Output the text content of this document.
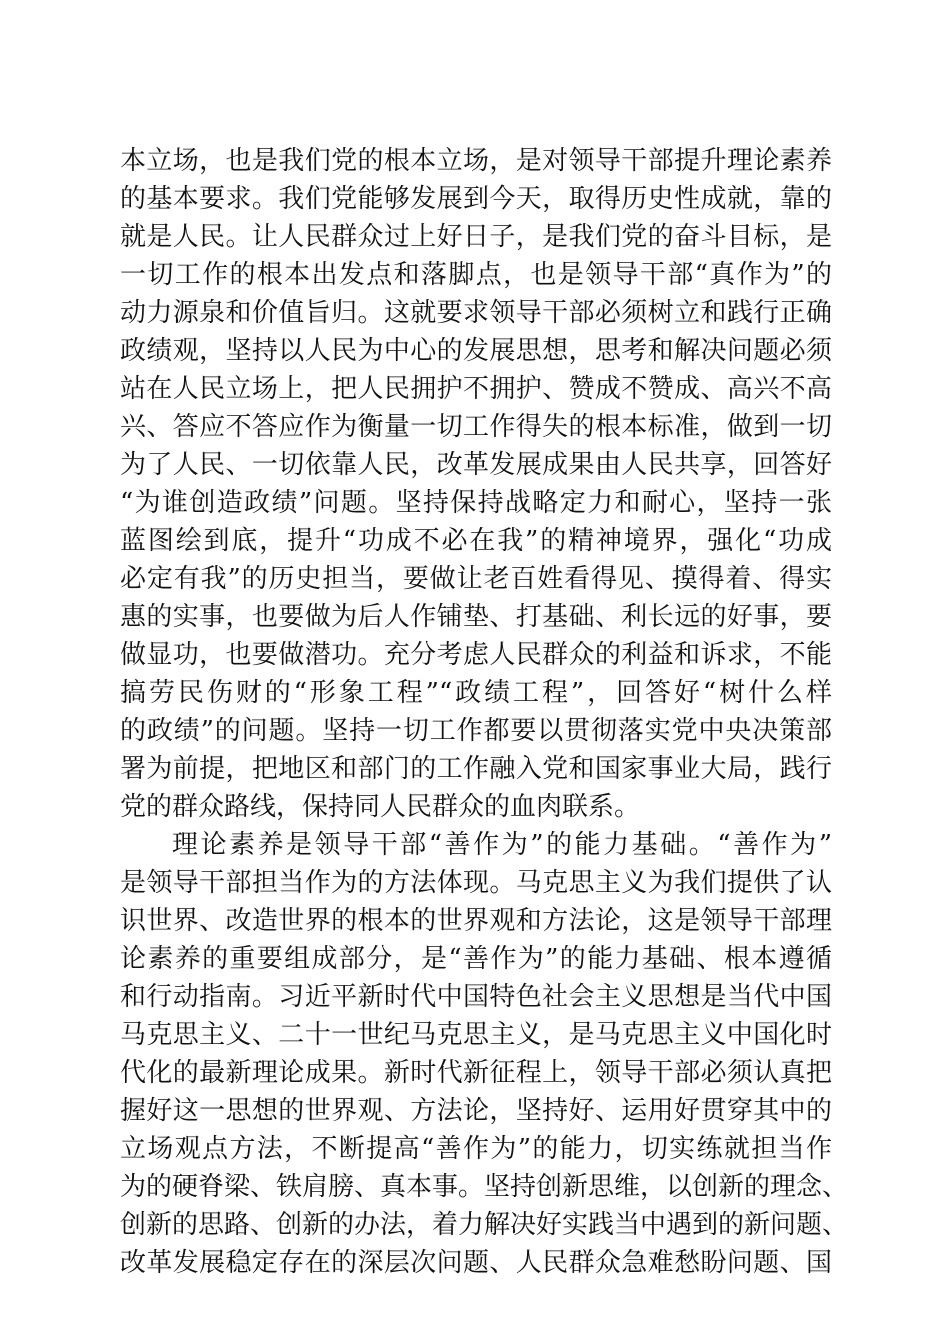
本立场，也是我们党的根本立场，是对领导干部提升理论素养
的基本要求。我们党能够发展到今天，取得历史性成就，靠的
就是人民。让人民群众过上好日子，是我们党的奋斗目标，是
一切工作的根本出发点和落脚点，也是领导干部“真作为”的
动力源泉和价值旨归。这就要求领导干部必须树立和践行正确
政绩观，坚持以人民为中心的发展思想，思考和解决问题必须
站在人民立场上，把人民拥护不拥护、赞成不赞成、高兴不高
兴、答应不答应作为衡量一切工作得失的根本标准，做到一切
为了人民、一切依靠人民，改革发展成果由人民共享，回答好
“为谁创造政绩”问题。坚持保持战略定力和耐心，坚持一张
蓝图绘到底，提升“功成不必在我”的精神境界，强化“功成
必定有我”的历史担当，要做让老百姓看得见、摸得着、得实
惠的实事，也要做为后人作铺垫、打基础、利长远的好事，要
做显功，也要做潜功。充分考虑人民群众的利益和诉求，不能
搞劳民伤财的“形象工程”“政绩工程”，回答好“树什么样
的政绩”的问题。坚持一切工作都要以贯彻落实党中央决策部
署为前提，把地区和部门的工作融入党和国家事业大局，践行
党的群众路线，保持同人民群众的血肉联系。
理论素养是领导干部“善作为”的能力基础。“善作为”
是领导干部担当作为的方法体现。马克思主义为我们提供了认
识世界、改造世界的根本的世界观和方法论，这是领导干部理
论素养的重要组成部分，是“善作为”的能力基础、根本遵循
和行动指南。习近平新时代中国特色社会主义思想是当代中国
马克思主义、二十一世纪马克思主义，是马克思主义中国化时
代化的最新理论成果。新时代新征程上，领导干部必须认真把
握好这一思想的世界观、方法论，坚持好、运用好贯穿其中的
立场观点方法，不断提高“善作为”的能力，切实练就担当作
为的硬脊梁、铁肩膀、真本事。坚持创新思维，以创新的理念、
创新的思路、创新的办法，着力解决好实践当中遇到的新问题、
改革发展稳定存在的深层次问题、人民群众急难愁盼问题、国
